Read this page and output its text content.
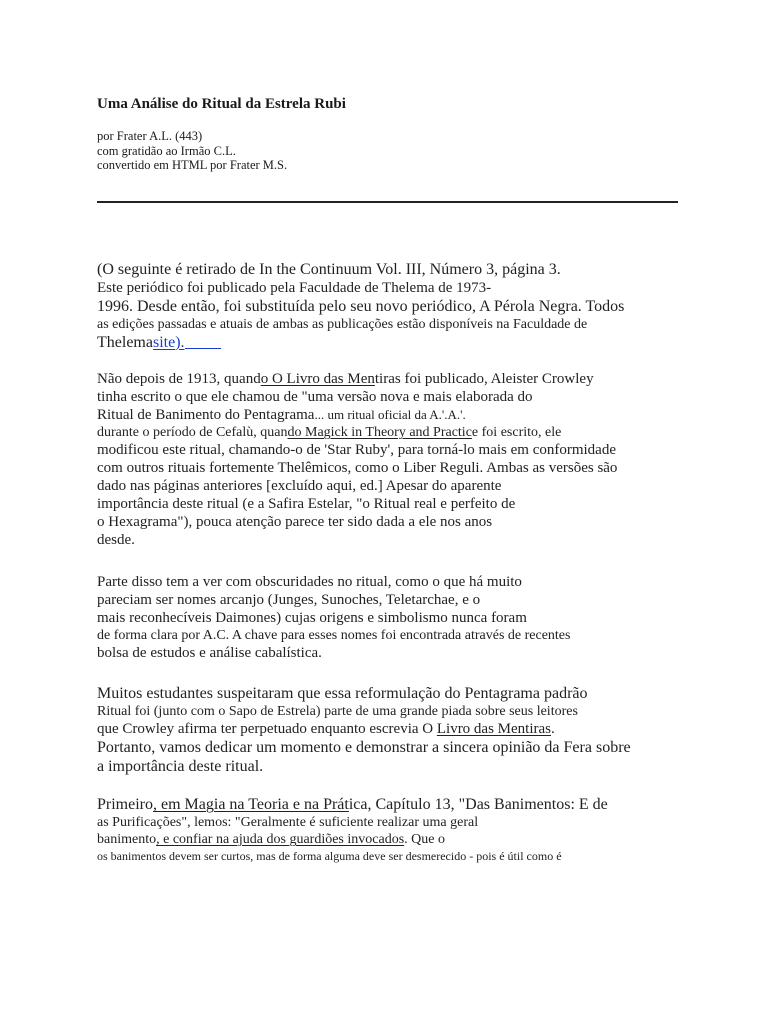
Uma Análise do Ritual da Estrela Rubi
por Frater A.L. (443)
com gratidão ao Irmão C.L.
convertido em HTML por Frater M.S.
(O seguinte é retirado de In the Continuum Vol. III, Número 3, página 3.
Este periódico foi publicado pela Faculdade de Thelema de 1973-
1996. Desde então, foi substituída pelo seu novo periódico, A Pérola Negra. Todos
as edições passadas e atuais de ambas as publicações estão disponíveis na Faculdade de
Thelemasite).
Não depois de 1913, quando O Livro das Mentiras foi publicado, Aleister Crowley
tinha escrito o que ele chamou de "uma versão nova e mais elaborada do
Ritual de Banimento do Pentagrama... um ritual oficial da A.'.A.'.
durante o período de Cefalù, quando Magick in Theory and Practice foi escrito, ele
modificou este ritual, chamando-o de 'Star Ruby', para torná-lo mais em conformidade
com outros rituais fortemente Thelêmicos, como o Liber Reguli. Ambas as versões são
dado nas páginas anteriores [excluído aqui, ed.] Apesar do aparente
importância deste ritual (e a Safira Estelar, "o Ritual real e perfeito de
o Hexagrama"), pouca atenção parece ter sido dada a ele nos anos
desde.
Parte disso tem a ver com obscuridades no ritual, como o que há muito
pareciam ser nomes arcanjo (Junges, Sunoches, Teletarchae, e o
mais reconhecíveis Daimones) cujas origens e simbolismo nunca foram
de forma clara por A.C. A chave para esses nomes foi encontrada através de recentes
bolsa de estudos e análise cabalística.
Muitos estudantes suspeitaram que essa reformulação do Pentagrama padrão
Ritual foi (junto com o Sapo de Estrela) parte de uma grande piada sobre seus leitores
que Crowley afirma ter perpetuado enquanto escrevia O Livro das Mentiras.
Portanto, vamos dedicar um momento e demonstrar a sincera opinião da Fera sobre
a importância deste ritual.
Primeiro, em Magia na Teoria e na Prática, Capítulo 13, "Das Banimentos: E de
as Purificações", lemos: "Geralmente é suficiente realizar uma geral
banimento, e confiar na ajuda dos guardiões invocados. Que o
os banimentos devem ser curtos, mas de forma alguma deve ser desmerecido - pois é útil como é
